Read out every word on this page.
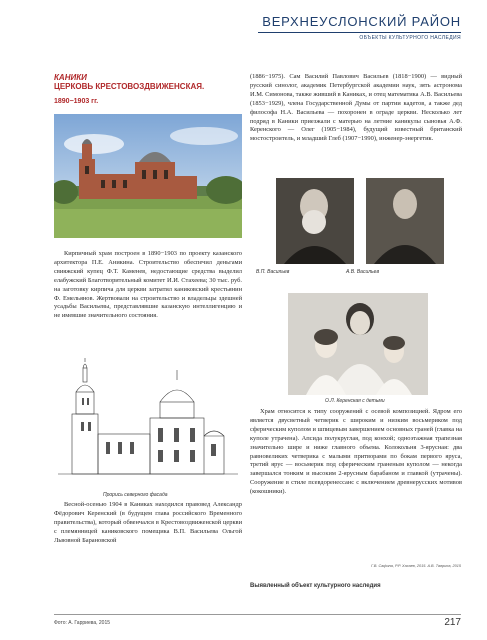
ВЕРХНЕУСЛОНСКИЙ РАЙОН
ОБЪЕКТЫ КУЛЬТУРНОГО НАСЛЕДИЯ
КАНИКИ
ЦЕРКОВЬ КРЕСТОВОЗДВИЖЕНСКАЯ.
1890−1903 гг.

Кирпичный храм построен в 1890−1903 по проекту казанского архитектора П.Е. Аникина. Строительство обеспечил деньгами свияжский купец Ф.Т. Каменев, недостающие средства выделил елабужский Благотворительный комитет И.И. Стахеева; 30 тыс. руб. на заготовку кирпича для церкви затратил каниковский крестьянин Ф. Емельянов. Жертвовали на строительство и владельцы здешней усадьбы Васильевы, представлявшие казанскую интеллигенцию и не имевшие значительного состояния.

Прорись северного фасада

Весной-осенью 1904 в Каниках находился правовед Александр Фёдорович Керенский (в будущем глава российского Временного правительства), который обвенчался в Крестовоздвиженской церкви с племянницей каниковского помещика В.П. Васильева Ольгой Львовной Барановской

(1886−1975). Сам Василий Павлович Васильев (1818−1900) — видный русский синолог, академик Петербургской академии наук, зять астронома И.М. Симонова, также живший в Каниках, и отец математика А.В. Васильева (1853−1929), члена Государственной Думы от партии кадетов, а также дед философа Н.А. Васильева — похоронен в ограде церкви. Несколько лет подряд в Каники приезжали с матерью на летние каникулы сыновья А.Ф. Керенского — Олег (1905−1984), будущий известный британский мостостроитель, и младший Глеб (1907−1990), инженер-энергетик.

В.П. Васильев	А.В. Васильев
О.Л. Керенская с детьми

Храм относится к типу сооружений с осевой композицией. Ядром его является двусветный четверик с широким и низким восьмериком под сферическим куполом и шпицевым завершением основных граней (главка на куполе утрачена). Апсида полукруглая, под конхой; одноэтажная трапезная значительно шире и ниже главного объема. Колокольня 3-ярусная: два равновеликих четверика с малыми притворами по бокам первого яруса, третий ярус — восьмерик под сферическим граненым куполом — некогда завершался тонким и высоким 2-ярусным барабаном и главкой (утрачены). Сооружение в стиле псевдоренессанс с включением древнерусских мотивов (кокошники).

Г.В. Сафина, Р.Р. Хасаев, 2015. А.В. Таврина, 2015
Выявленный объект культурного наследия
Фото: А. Гарриева, 2015	217
